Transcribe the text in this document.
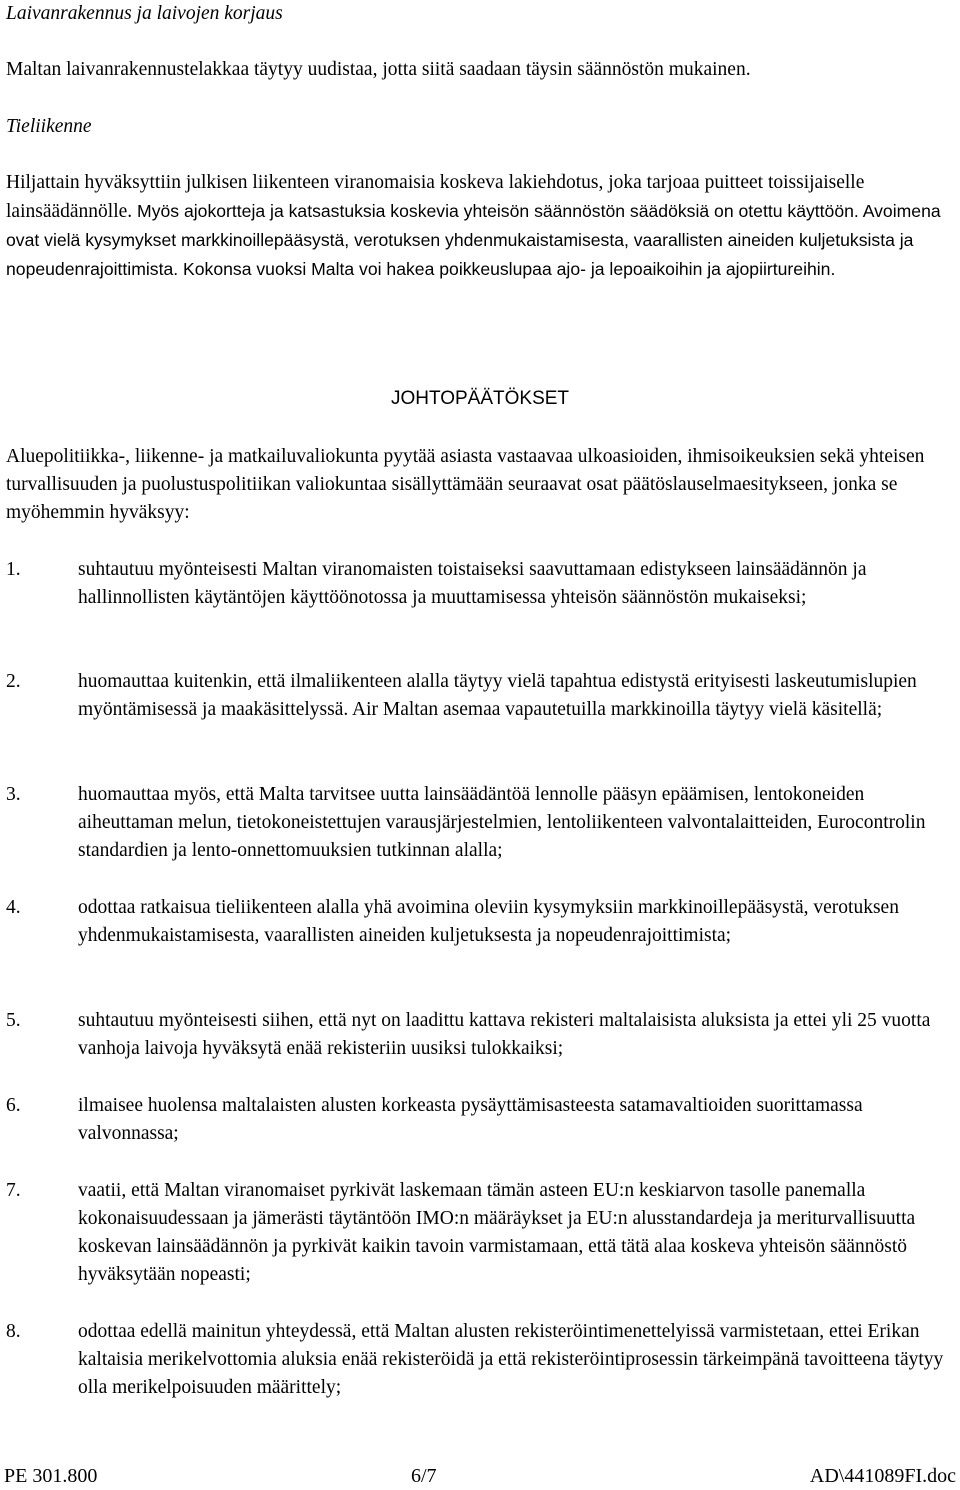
Laivanrakennus ja laivojen korjaus

Maltan laivanrakennustelakkaa täytyy uudistaa, jotta siitä saadaan täysin säännöstön mukainen.

Tieliikenne

Hiljattain hyväksyttiin julkisen liikenteen viranomaisia koskeva lakiehdotus, joka tarjoaa puitteet toissijaiselle lainsäädännölle. Myös ajokortteja ja katsastuksia koskevia yhteisön säännöstön säädöksiä on otettu käyttöön. Avoimena ovat vielä kysymykset markkinoillepääsystä, verotuksen yhdenmukaistamisesta, vaarallisten aineiden kuljetuksista ja nopeudenrajoittimista. Kokonsa vuoksi Malta voi hakea poikkeuslupaa ajo- ja lepoaikoihin ja ajopiirtureihin.

JOHTOPÄÄTÖKSET

Aluepolitiikka-, liikenne- ja matkailuvaliokunta pyytää asiasta vastaavaa ulkoasioiden, ihmisoikeuksien sekä yhteisen turvallisuuden ja puolustuspolitiikan valiokuntaa sisällyttämään seuraavat osat päätöslauselmaesitykseen, jonka se myöhemmin hyväksyy:

1.	suhtautuu myönteisesti Maltan viranomaisten toistaiseksi saavuttamaan edistykseen lainsäädännön ja hallinnollisten käytäntöjen käyttöönotossa ja muuttamisessa yhteisön säännöstön mukaiseksi;
2.	huomauttaa kuitenkin, että ilmaliikenteen alalla täytyy vielä tapahtua edistystä erityisesti laskeutumislupien myöntämisessä ja maakäsittelyssä. Air Maltan asemaa vapautetuilla markkinoilla täytyy vielä käsitellä;
3.	huomauttaa myös, että Malta tarvitsee uutta lainsäädäntöä lennolle pääsyn epäämisen, lentokoneiden aiheuttaman melun, tietokoneistettujen varausjärjestelmien, lentoliikenteen valvontalaitteiden, Eurocontrolin standardien ja lento-onnettomuuksien tutkinnan alalla;
4.	odottaa ratkaisua tieliikenteen alalla yhä avoimina oleviin kysymyksiin markkinoillepääsystä, verotuksen yhdenmukaistamisesta, vaarallisten aineiden kuljetuksesta ja nopeudenrajoittimista;
5.	suhtautuu myönteisesti siihen, että nyt on laadittu kattava rekisteri maltalaisista aluksista ja ettei yli 25 vuotta vanhoja laivoja hyväksytä enää rekisteriin uusiksi tulokkaiksi;
6.	ilmaisee huolensa maltalaisten alusten korkeasta pysäyttämisasteesta satamavaltioiden suorittamassa valvonnassa;
7.	vaatii, että Maltan viranomaiset pyrkivät laskemaan tämän asteen EU:n keskiarvon tasolle panemalla kokonaisuudessaan ja jämerästi täytäntöön IMO:n määräykset ja EU:n alusstandardeja ja meriturvallisuutta koskevan lainsäädännön ja pyrkivät kaikin tavoin varmistamaan, että tätä alaa koskeva yhteisön säännöstö hyväksytään nopeasti;
8.	odottaa edellä mainitun yhteydessä, että Maltan alusten rekisteröintimenettelyissä varmistetaan, ettei Erikan kaltaisia merikelvottomia aluksia enää rekisteröidä ja että rekisteröintiprosessin tärkeimpänä tavoitteena täytyy olla merikelpoisuuden määrittely;
PE 301.800	6/7	AD\441089FI.doc
